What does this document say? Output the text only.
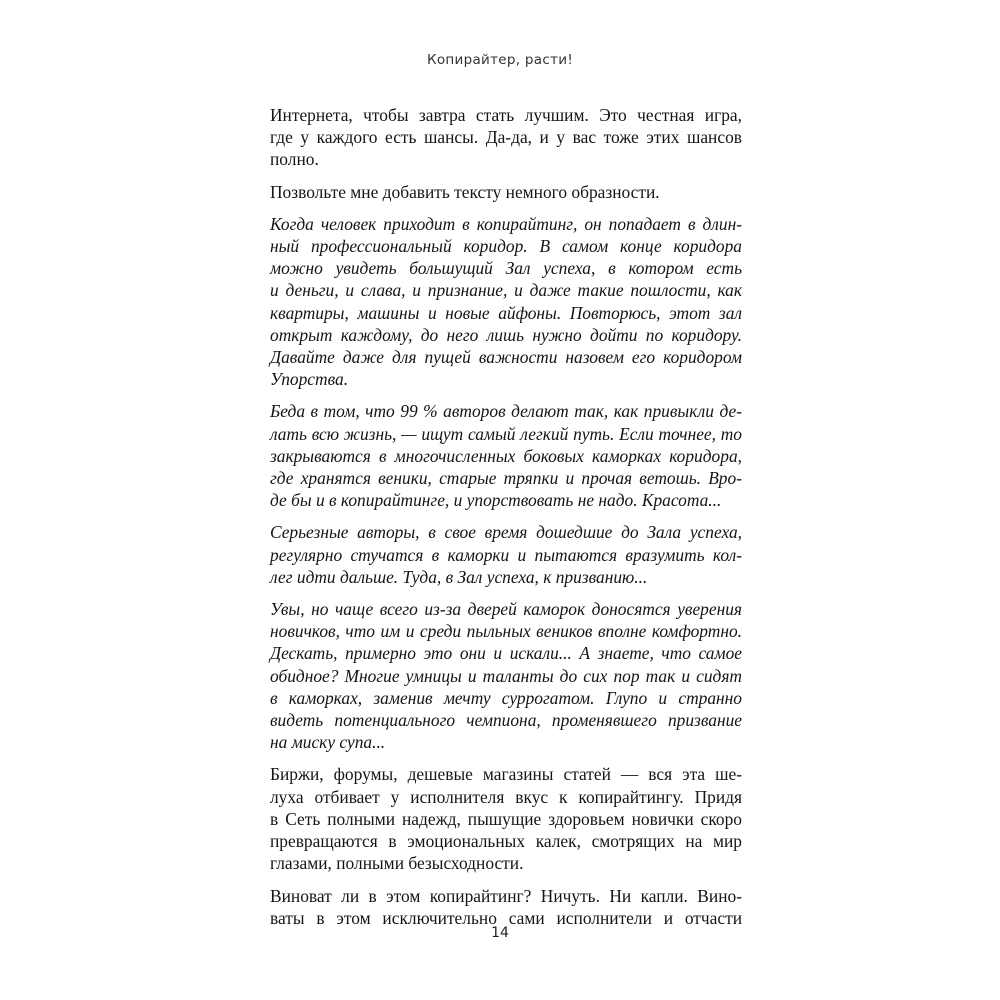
Копирайтер, расти!
Интернета, чтобы завтра стать лучшим. Это честная игра,
где у каждого есть шансы. Да-да, и у вас тоже этих шансов
полно.
Позвольте мне добавить тексту немного образности.
Когда человек приходит в копирайтинг, он попадает в длин-
ный профессиональный коридор. В самом конце коридора
можно увидеть большущий Зал успеха, в котором есть
и деньги, и слава, и признание, и даже такие пошлости, как
квартиры, машины и новые айфоны. Повторюсь, этот зал
открыт каждому, до него лишь нужно дойти по коридору.
Давайте даже для пущей важности назовем его коридором
Упорства.
Беда в том, что 99 % авторов делают так, как привыкли де-
лать всю жизнь, — ищут самый легкий путь. Если точнее, то
закрываются в многочисленных боковых каморках коридора,
где хранятся веники, старые тряпки и прочая ветошь. Вро-
де бы и в копирайтинге, и упорствовать не надо. Красота...
Серьезные авторы, в свое время дошедшие до Зала успеха,
регулярно стучатся в каморки и пытаются вразумить кол-
лег идти дальше. Туда, в Зал успеха, к призванию...
Увы, но чаще всего из-за дверей каморок доносятся уверения
новичков, что им и среди пыльных веников вполне комфортно.
Дескать, примерно это они и искали... А знаете, что самое
обидное? Многие умницы и таланты до сих пор так и сидят
в каморках, заменив мечту суррогатом. Глупо и странно
видеть потенциального чемпиона, променявшего призвание
на миску супа...
Биржи, форумы, дешевые магазины статей — вся эта ше-
луха отбивает у исполнителя вкус к копирайтингу. Придя
в Сеть полными надежд, пышущие здоровьем новички скоро
превращаются в эмоциональных калек, смотрящих на мир
глазами, полными безысходности.
Виноват ли в этом копирайтинг? Ничуть. Ни капли. Вино-
ваты в этом исключительно сами исполнители и отчасти
14
